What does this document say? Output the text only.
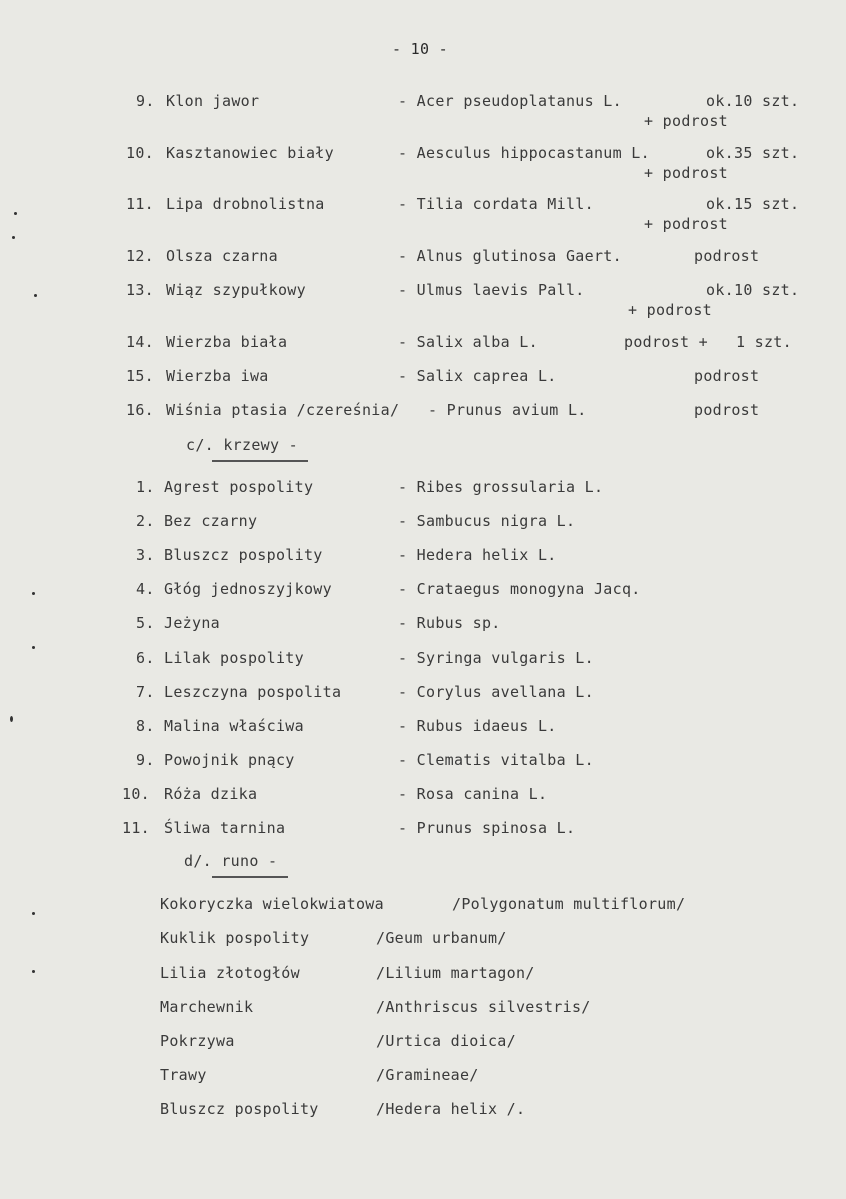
- 10 -
9. Klon jawor	- Acer pseudoplatanus L.	ok.10 szt.
+ podrost
10. Kasztanowiec biały	- Aesculus hippocastanum L.	ok.35 szt.
+ podrost
11. Lipa drobnolistna	- Tilia cordata Mill.	ok.15 szt.
+ podrost
12. Olsza czarna	- Alnus glutinosa Gaert.	podrost
13. Wiąz szypułkowy	- Ulmus laevis Pall.	ok.10 szt.
+ podrost
14. Wierzba biała	- Salix alba L.	podrost +   1 szt.
15. Wierzba iwa	- Salix caprea L.	podrost
16. Wiśnia ptasia /czereśnia/ - Prunus avium L.	podrost
c/. krzewy -
1. Agrest pospolity	- Ribes grossularia L.
2. Bez czarny	- Sambucus nigra L.
3. Bluszcz pospolity	- Hedera helix L.
4. Głóg jednoszyjkowy	- Crataegus monogyna Jacq.
5. Jeżyna	- Rubus sp.
6. Lilak pospolity	- Syringa vulgaris L.
7. Leszczyna pospolita	- Corylus avellana L.
8. Malina właściwa	- Rubus idaeus L.
9. Powojnik pnący	- Clematis vitalba L.
10. Róża dzika	- Rosa canina L.
11. Śliwa tarnina	- Prunus spinosa L.
d/. runo -
Kokoryczka wielokwiatowa	/Polygonatum multiflorum/
Kuklik pospolity	/Geum urbanum/
Lilia złotogłów	/Lilium martagon/
Marchewnik	/Anthriscus silvestris/
Pokrzywa	/Urtica dioica/
Trawy	/Gramineae/
Bluszcz pospolity	/Hedera helix /.
